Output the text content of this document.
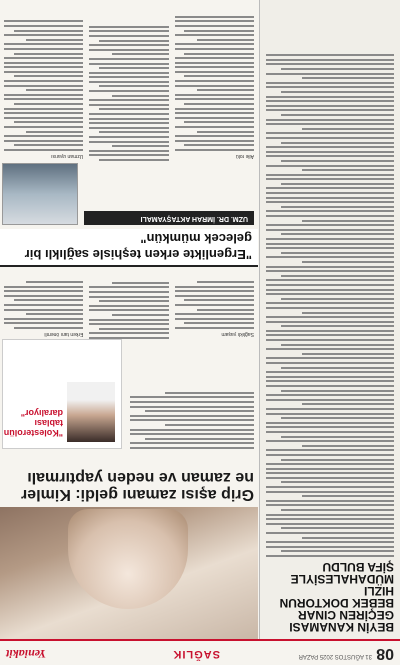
08
31 AĞUSTOS 2025 PAZAR
SAĞLIK
Yeniakit
BEYİN KANAMASI GEÇİREN CINAR BEBEK DOKTORUN HIZLI MÜDAHALESİYLE ŞİFA BULDU
Grip aşısı zamanı geldi: Kimler ne zaman ve neden yaptırmalı
"Kolesterolün tablası daralıyor"
Sağlıklı yaşam
Erken tanı önemli
"Ergenlikte erken teşhisle sağlıklı bir gelecek mümkün"
UZM. DR. İMRAH AKTAŞYAMALI
Aile rolü
Uzman uyarısı
